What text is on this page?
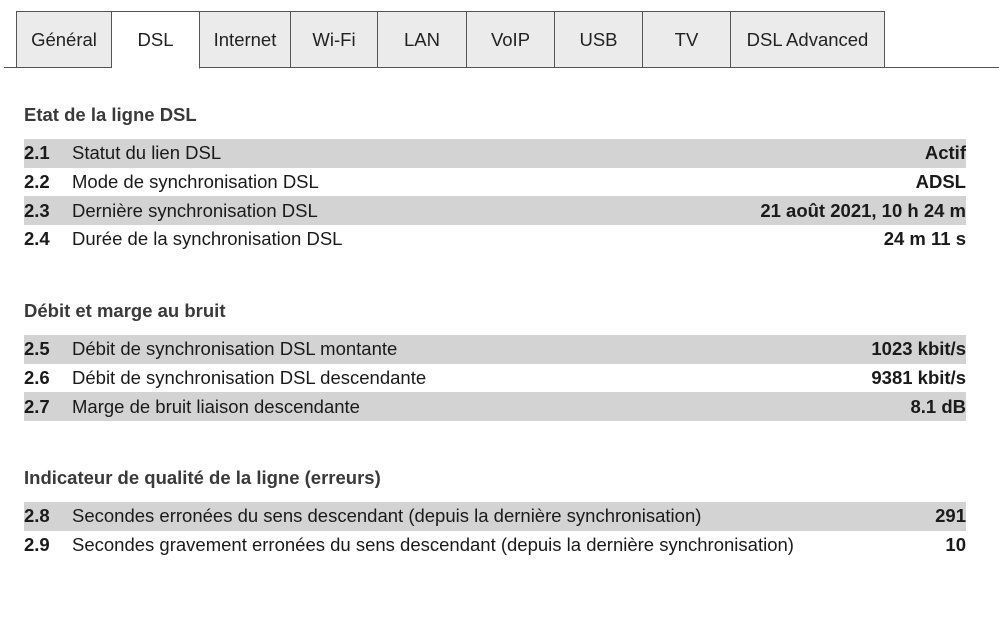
Général	DSL	Internet	Wi-Fi	LAN	VoIP	USB	TV	DSL Advanced
Etat de la ligne DSL
2.1	Statut du lien DSL	Actif
2.2	Mode de synchronisation DSL	ADSL
2.3	Dernière synchronisation DSL	21 août 2021, 10 h 24 m
2.4	Durée de la synchronisation DSL	24 m 11 s
Débit et marge au bruit
2.5	Débit de synchronisation DSL montante	1023 kbit/s
2.6	Débit de synchronisation DSL descendante	9381 kbit/s
2.7	Marge de bruit liaison descendante	8.1 dB
Indicateur de qualité de la ligne (erreurs)
2.8	Secondes erronées du sens descendant (depuis la dernière synchronisation)	291
2.9	Secondes gravement erronées du sens descendant (depuis la dernière synchronisation)	10
